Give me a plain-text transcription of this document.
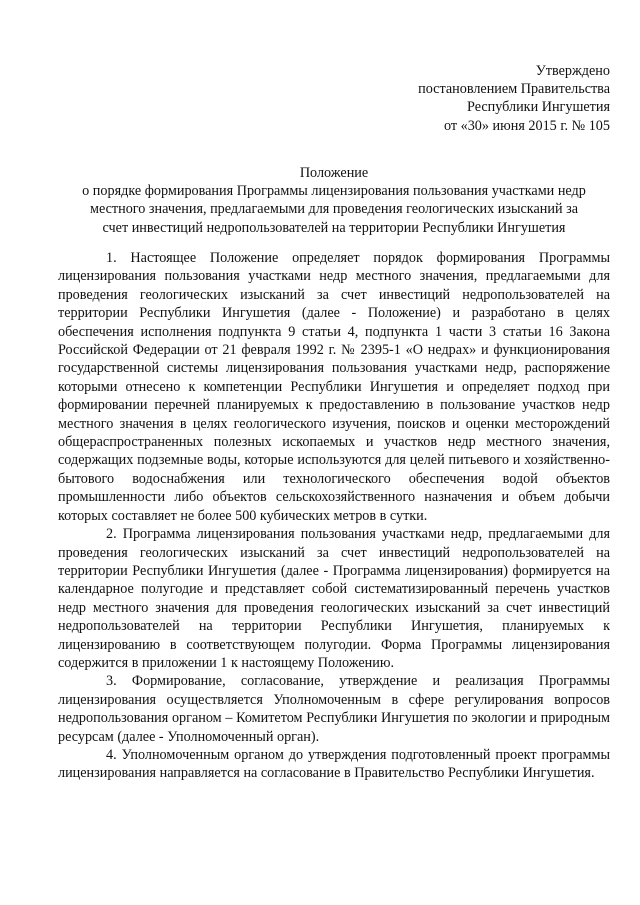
Утверждено
постановлением Правительства
Республики Ингушетия
от «30» июня 2015 г. № 105
Положение
о порядке формирования Программы лицензирования пользования участками недр
местного значения, предлагаемыми для проведения геологических изысканий за
счет инвестиций недропользователей на территории Республики Ингушетия

1. Настоящее Положение определяет порядок формирования Программы лицензирования пользования участками недр местного значения, предлагаемыми для проведения геологических изысканий за счет инвестиций недропользователей на территории Республики Ингушетия (далее - Положение) и разработано в целях обеспечения исполнения подпункта 9 статьи 4, подпункта 1 части 3 статьи 16 Закона Российской Федерации от 21 февраля 1992 г. № 2395-1 «О недрах» и функционирования государственной системы лицензирования пользования участками недр, распоряжение которыми отнесено к компетенции Республики Ингушетия и определяет подход при формировании перечней планируемых к предоставлению в пользование участков недр местного значения в целях геологического изучения, поисков и оценки месторождений общераспространенных полезных ископаемых и участков недр местного значения, содержащих подземные воды, которые используются для целей питьевого и хозяйственно-бытового водоснабжения или технологического обеспечения водой объектов промышленности либо объектов сельскохозяйственного назначения и объем добычи которых составляет не более 500 кубических метров в сутки.

2. Программа лицензирования пользования участками недр, предлагаемыми для проведения геологических изысканий за счет инвестиций недропользователей на территории Республики Ингушетия (далее - Программа лицензирования) формируется на календарное полугодие и представляет собой систематизированный перечень участков недр местного значения для проведения геологических изысканий за счет инвестиций недропользователей на территории Республики Ингушетия, планируемых к лицензированию в соответствующем полугодии. Форма Программы лицензирования содержится в приложении 1 к настоящему Положению.

3. Формирование, согласование, утверждение и реализация Программы лицензирования осуществляется Уполномоченным в сфере регулирования вопросов недропользования органом – Комитетом Республики Ингушетия по экологии и природным ресурсам (далее - Уполномоченный орган).

4. Уполномоченным органом до утверждения подготовленный проект программы лицензирования направляется на согласование в Правительство Республики Ингушетия.
